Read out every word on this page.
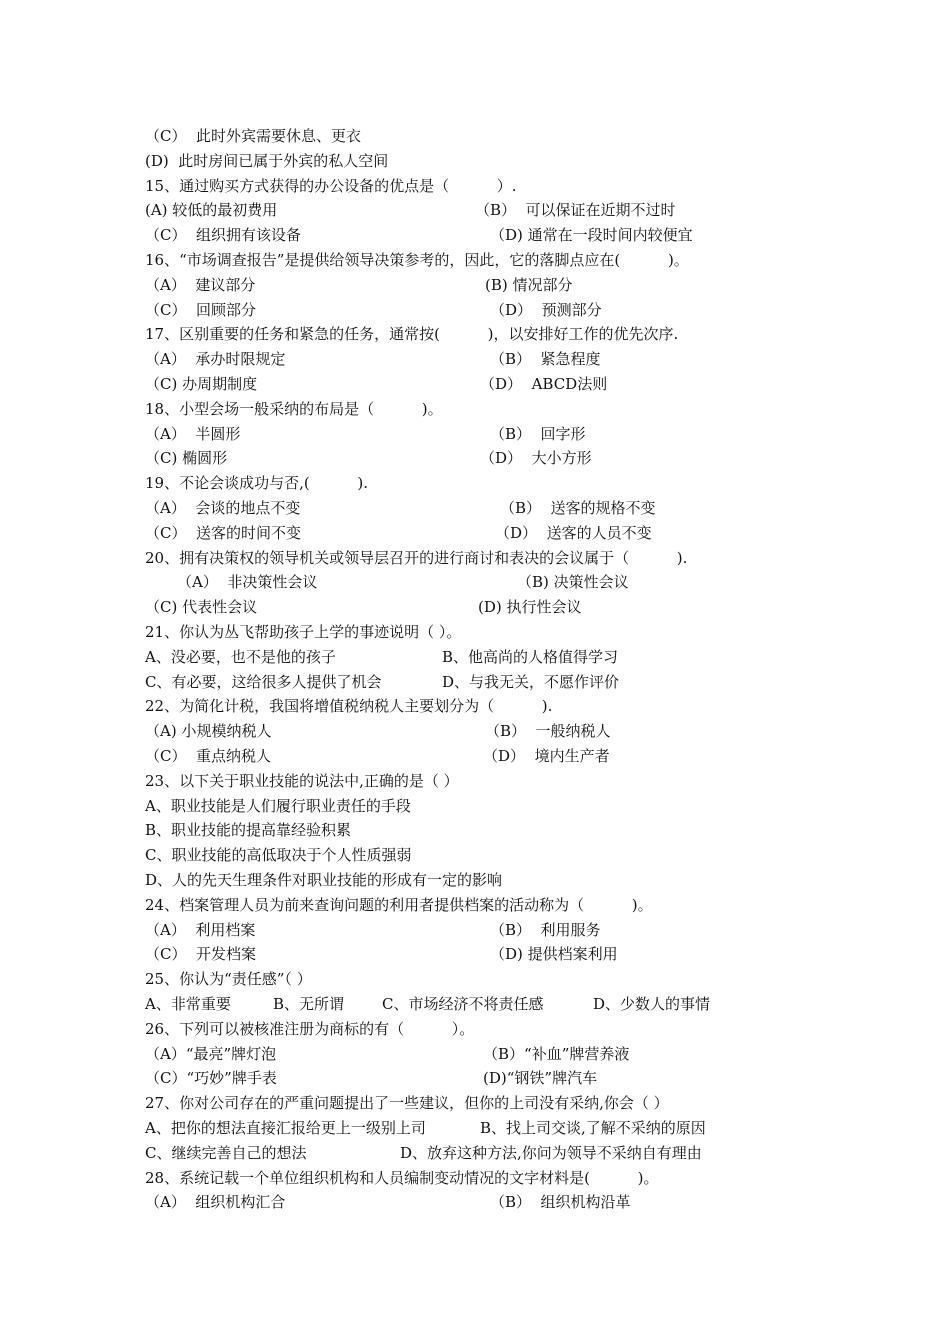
（C）  此时外宾需要休息、更衣
(D)  此时房间已属于外宾的私人空间
15、通过购买方式获得的办公设备的优点是（          ）.
(A) 较低的最初费用	（B）  可以保证在近期不过时
（C）  组织拥有该设备	（D) 通常在一段时间内较便宜
16、“市场调查报告”是提供给领导决策参考的，因此，它的落脚点应在(          )。
（A）  建议部分	(B) 情况部分
（C）  回顾部分	（D）  预测部分
17、区别重要的任务和紧急的任务，通常按(          )，以安排好工作的优先次序.
（A）  承办时限规定	（B）  紧急程度
（C) 办周期制度	（D）  ABCD法则
18、小型会场一般采纳的布局是（          )。
（A）  半圆形	（B）  回字形
（C) 椭圆形	（D）  大小方形
19、不论会谈成功与否,(          ).
（A）  会谈的地点不变	（B）  送客的规格不变
（C）  送客的时间不变	（D）  送客的人员不变
20、拥有决策权的领导机关或领导层召开的进行商讨和表决的会议属于（          ).
（A）  非决策性会议	（B) 决策性会议
（C) 代表性会议	(D) 执行性会议
21、你认为丛飞帮助孩子上学的事迹说明（ ）。
A、没必要，也不是他的孩子	B、他高尚的人格值得学习
C、有必要，这给很多人提供了机会	D、与我无关，不愿作评价
22、为简化计税，我国将增值税纳税人主要划分为（          ).
（A) 小规模纳税人	（B）  一般纳税人
（C）  重点纳税人	（D）  境内生产者
23、以下关于职业技能的说法中,正确的是（ ）
A、职业技能是人们履行职业责任的手段
B、职业技能的提高靠经验积累
C、职业技能的高低取决于个人性质强弱
D、人的先天生理条件对职业技能的形成有一定的影响
24、档案管理人员为前来查询问题的利用者提供档案的活动称为（          )。
（A）  利用档案	（B）  利用服务
（C）  开发档案	（D) 提供档案利用
25、你认为“责任感”（ ）
A、非常重要	B、无所谓	C、市场经济不将责任感	D、少数人的事情
26、下列可以被核准注册为商标的有（          ）。
（A）“最亮”牌灯泡	（B）“补血”牌营养液
（C）“巧妙”牌手表	(D)“钢铁”牌汽车
27、你对公司存在的严重问题提出了一些建议，但你的上司没有采纳,你会（ ）
A、把你的想法直接汇报给更上一级别上司	B、找上司交谈,了解不采纳的原因
C、继续完善自己的想法	D、放弃这种方法,你问为领导不采纳自有理由
28、系统记载一个单位组织机构和人员编制变动情况的文字材料是(          )。
（A）  组织机构汇合	（B）  组织机构沿革
